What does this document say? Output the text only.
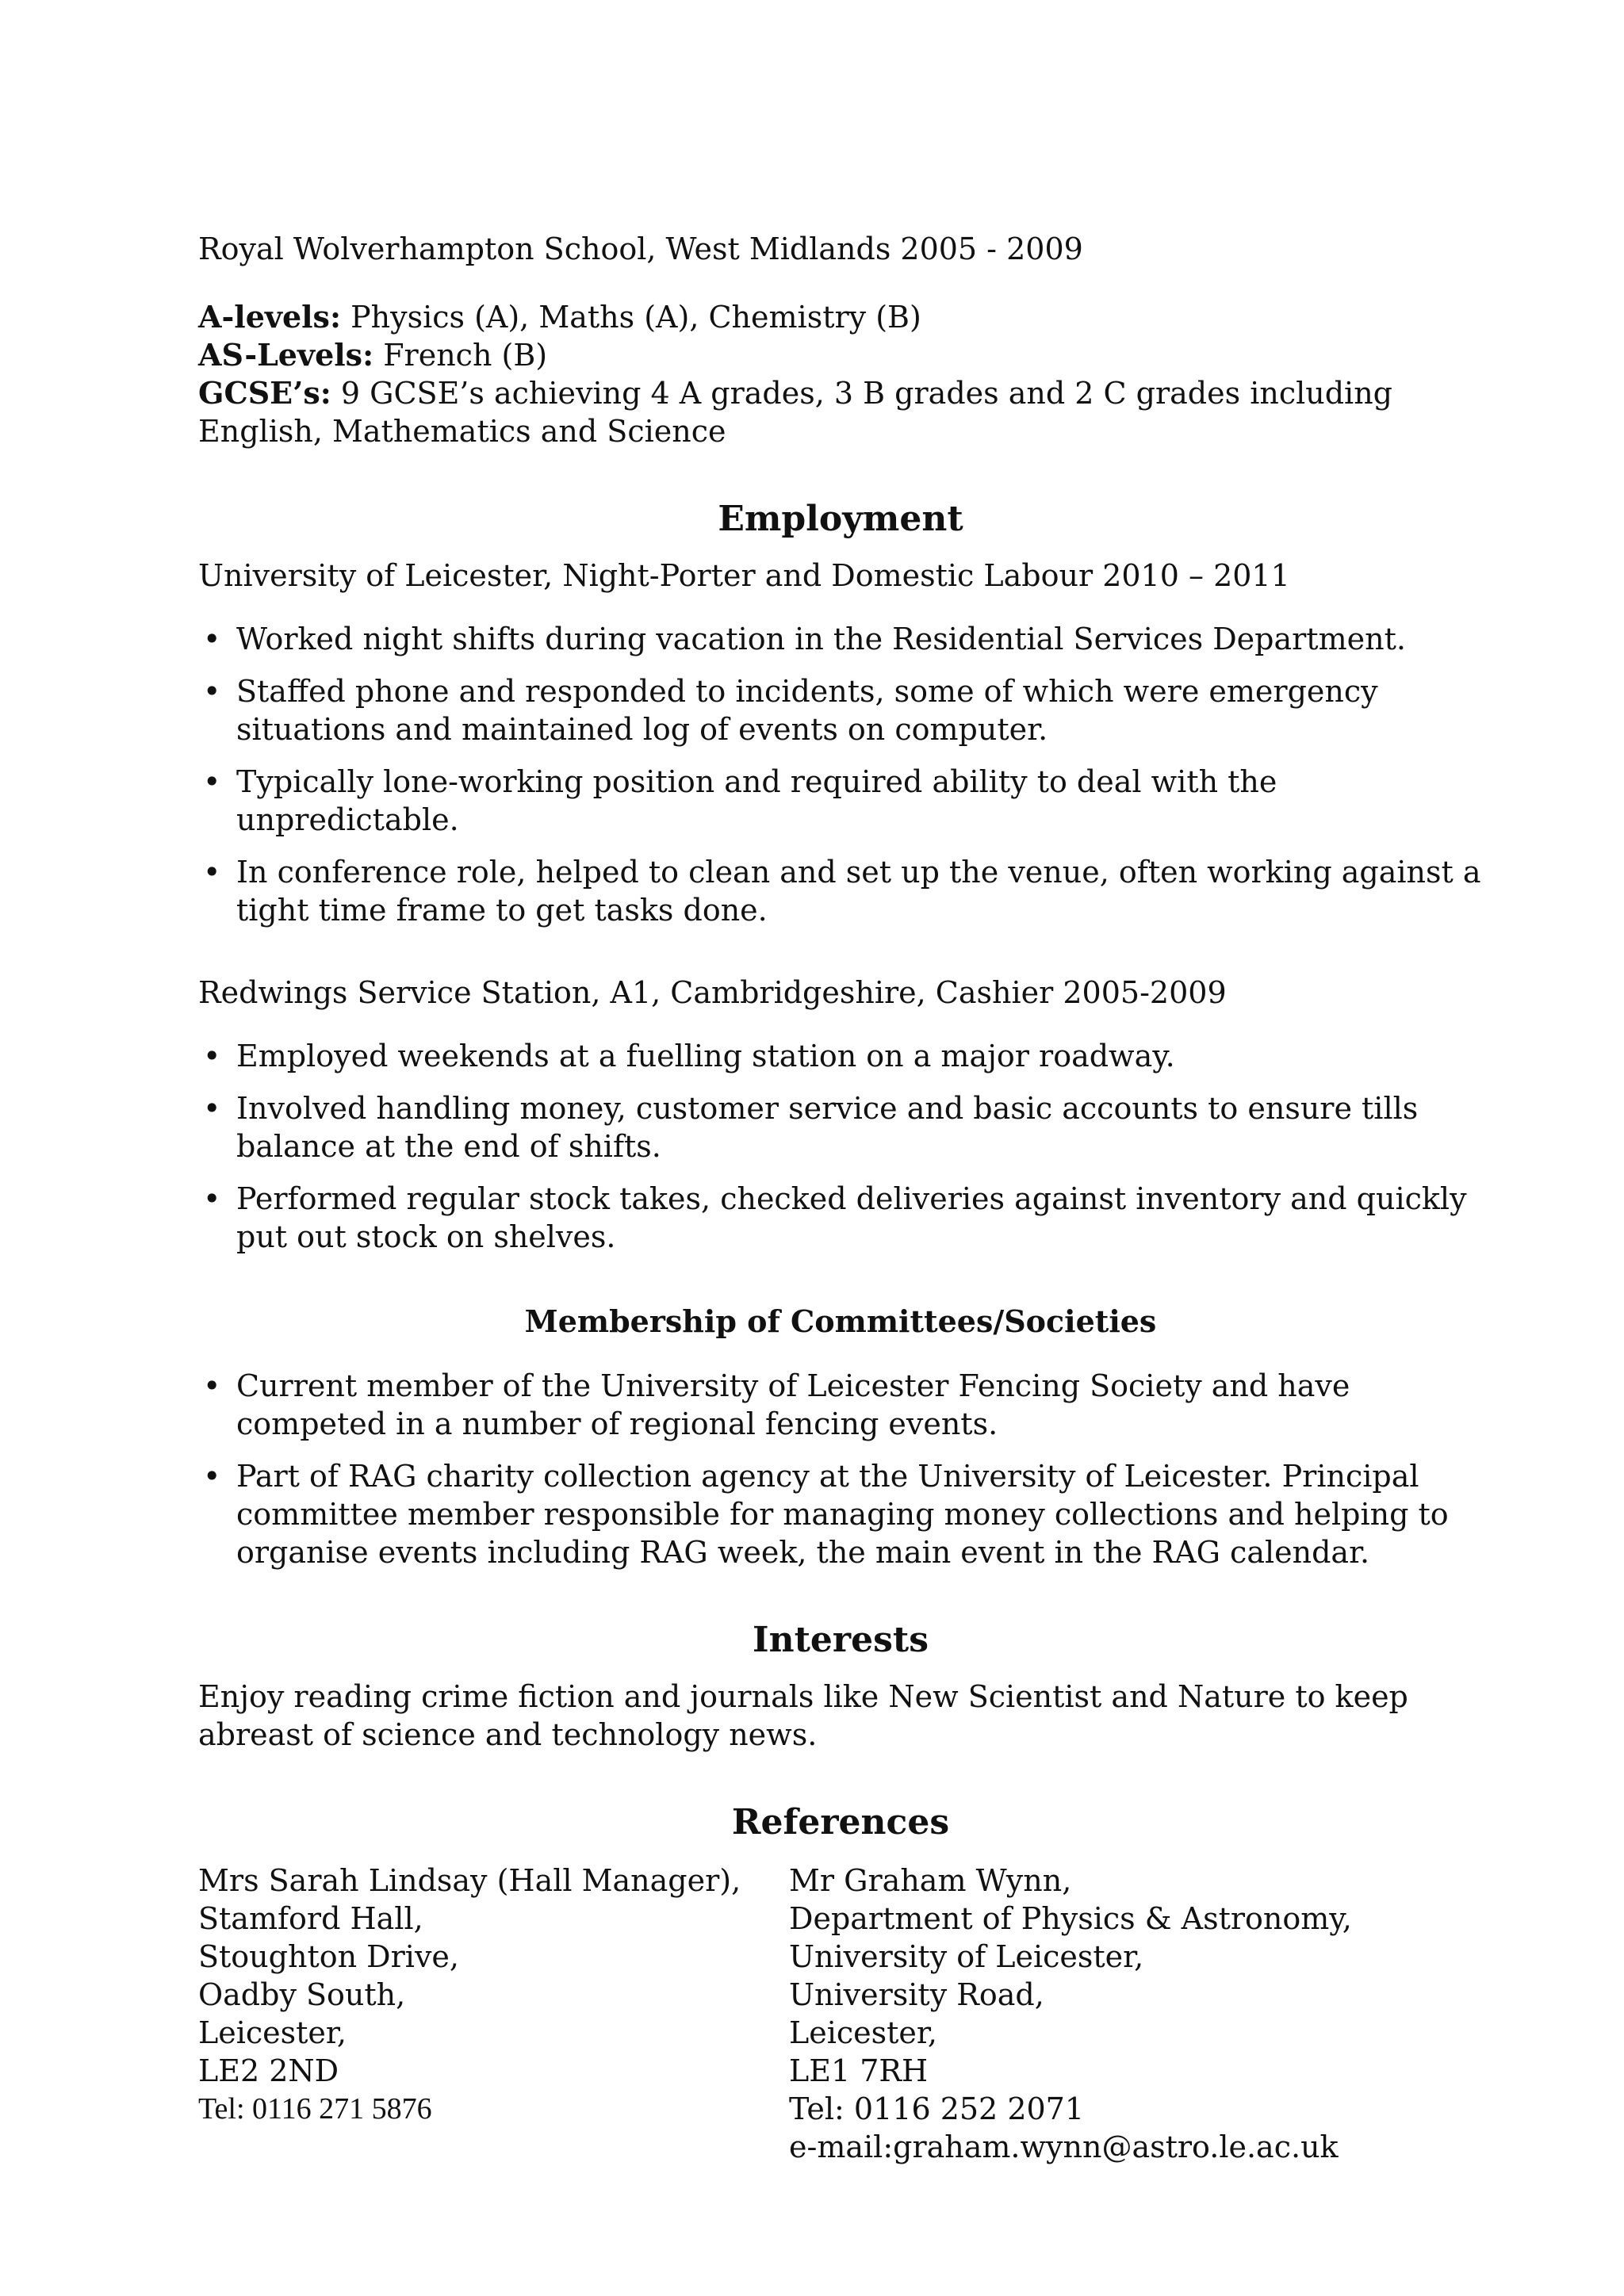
Royal Wolverhampton School, West Midlands 2005 - 2009

A-levels: Physics (A), Maths (A), Chemistry (B)

AS-Levels: French (B)

GCSE’s: 9 GCSE’s achieving 4 A grades, 3 B grades and 2 C grades including English, Mathematics and Science

Employment

University of Leicester, Night-Porter and Domestic Labour 2010 – 2011

• Worked night shifts during vacation in the Residential Services Department.
• Staffed phone and responded to incidents, some of which were emergency situations and maintained log of events on computer.
• Typically lone-working position and required ability to deal with the unpredictable.
• In conference role, helped to clean and set up the venue, often working against a tight time frame to get tasks done.

Redwings Service Station, A1, Cambridgeshire, Cashier 2005-2009

• Employed weekends at a fuelling station on a major roadway.
• Involved handling money, customer service and basic accounts to ensure tills balance at the end of shifts.
• Performed regular stock takes, checked deliveries against inventory and quickly put out stock on shelves.
Membership of Committees/Societies
• Current member of the University of Leicester Fencing Society and have competed in a number of regional fencing events.
• Part of RAG charity collection agency at the University of Leicester. Principal committee member responsible for managing money collections and helping to organise events including RAG week, the main event in the RAG calendar.
Interests

Enjoy reading crime fiction and journals like New Scientist and Nature to keep abreast of science and technology news.

References
Mrs Sarah Lindsay (Hall Manager),
Stamford Hall,
Stoughton Drive,
Oadby South,
Leicester,
LE2 2ND
Tel: 0116 271 5876
Mr Graham Wynn,
Department of Physics & Astronomy,
University of Leicester,
University Road,
Leicester,
LE1 7RH
Tel: 0116 252 2071
e-mail:graham.wynn@astro.le.ac.uk
